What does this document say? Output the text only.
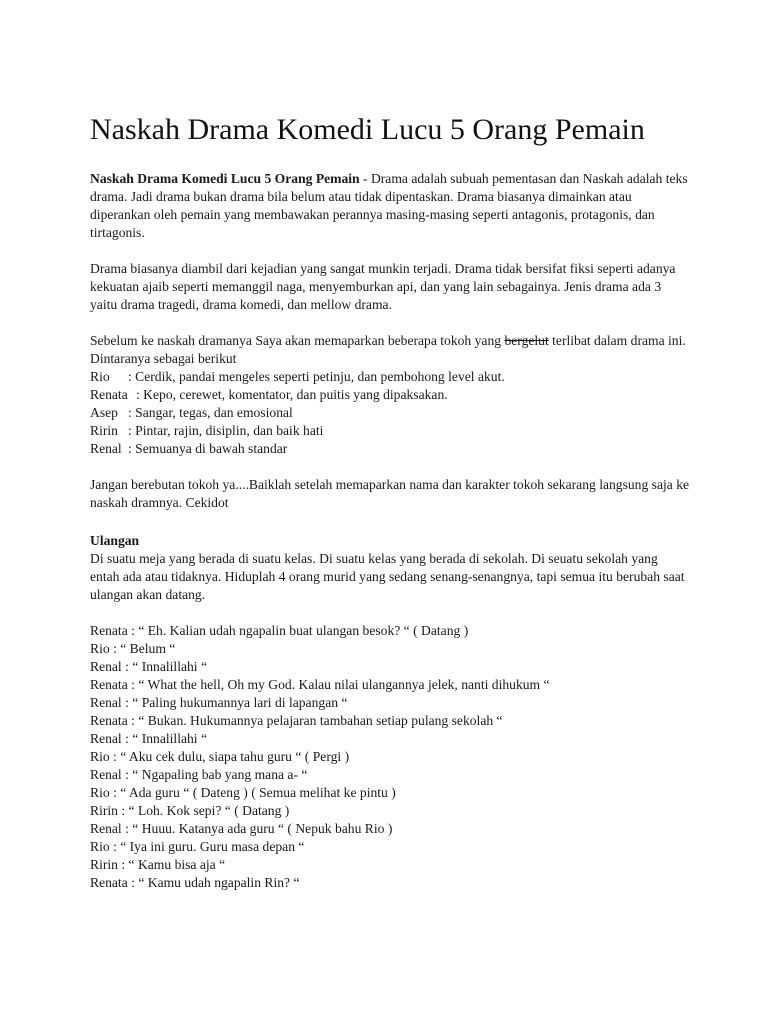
Naskah Drama Komedi Lucu 5 Orang Pemain

Naskah Drama Komedi Lucu 5 Orang Pemain - Drama adalah subuah pementasan dan Naskah adalah teks drama. Jadi drama bukan drama bila belum atau tidak dipentaskan. Drama biasanya dimainkan atau diperankan oleh pemain yang membawakan perannya masing-masing seperti antagonis, protagonis, dan tirtagonis.

Drama biasanya diambil dari kejadian yang sangat munkin terjadi. Drama tidak bersifat fiksi seperti adanya kekuatan ajaib seperti memanggil naga, menyemburkan api, dan yang lain sebagainya. Jenis drama ada 3 yaitu drama tragedi, drama komedi, dan mellow drama.

Sebelum ke naskah dramanya Saya akan memaparkan beberapa tokoh yang bergelut terlibat dalam drama ini. Dintaranya sebagai berikut

Rio	: Cerdik, pandai mengeles seperti petinju, dan pembohong level akut.
Renata : Kepo, cerewet, komentator, dan puitis yang dipaksakan.
Asep : Sangar, tegas, dan emosional
Ririn : Pintar, rajin, disiplin, dan baik hati
Renal : Semuanya di bawah standar

Jangan berebutan tokoh ya....Baiklah setelah memaparkan nama dan karakter tokoh sekarang langsung saja ke naskah dramnya. Cekidot

Ulangan

Di suatu meja yang berada di suatu kelas. Di suatu kelas yang berada di sekolah. Di seuatu sekolah yang entah ada atau tidaknya. Hiduplah 4 orang murid yang sedang senang-senangnya, tapi semua itu berubah saat ulangan akan datang.

Renata : “ Eh. Kalian udah ngapalin buat ulangan besok? “ ( Datang )
Rio : “ Belum “
Renal : “ Innalillahi “
Renata : “ What the hell, Oh my God. Kalau nilai ulangannya jelek, nanti dihukum “
Renal : “ Paling hukumannya lari di lapangan “
Renata : “ Bukan. Hukumannya pelajaran tambahan setiap pulang sekolah “
Renal : “ Innalillahi “
Rio : “ Aku cek dulu, siapa tahu guru “ ( Pergi )
Renal : “ Ngapaling bab yang mana a- “
Rio : “ Ada guru “ ( Dateng ) ( Semua melihat ke pintu )
Ririn : “ Loh. Kok sepi? “ ( Datang )
Renal : “ Huuu. Katanya ada guru “ ( Nepuk bahu Rio )
Rio : “ Iya ini guru. Guru masa depan “
Ririn : “ Kamu bisa aja “
Renata : “ Kamu udah ngapalin Rin? “
